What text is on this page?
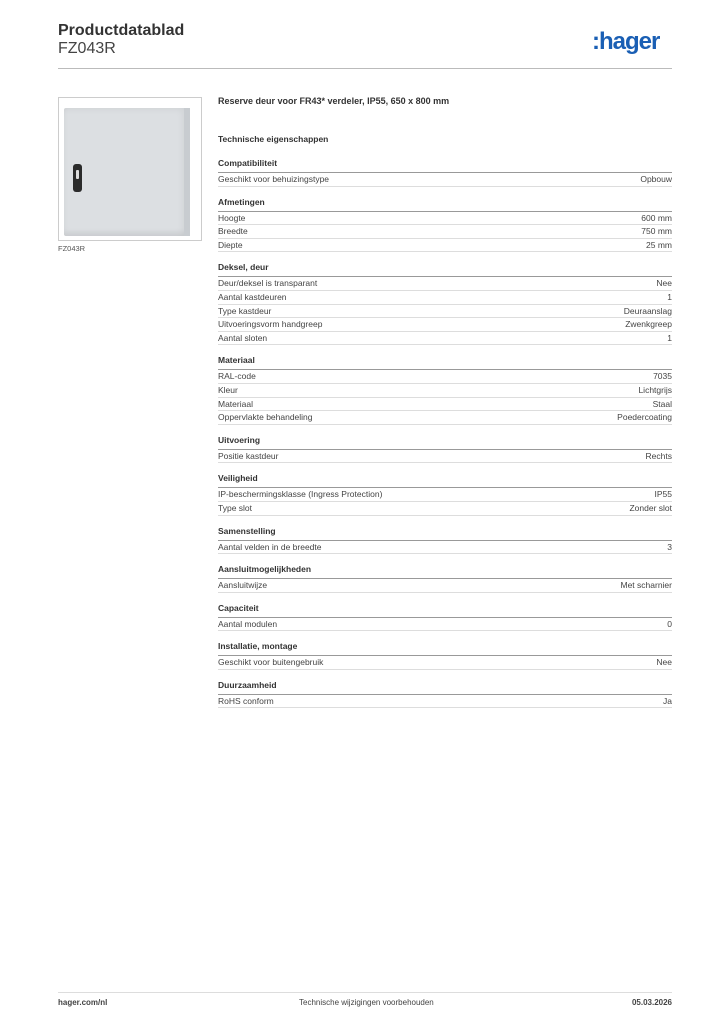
Productdatablad
FZ043R	:hager
FZ043R
Reserve deur voor FR43* verdeler, IP55, 650 x 800 mm
Technische eigenschappen
Compatibiliteit
Geschikt voor behuizingstype	Opbouw
Afmetingen
Hoogte	600 mm
Breedte	750 mm
Diepte	25 mm
Deksel, deur
Deur/deksel is transparant	Nee
Aantal kastdeuren	1
Type kastdeur	Deuraanslag
Uitvoeringsvorm handgreep	Zwenkgreep
Aantal sloten	1
Materiaal
RAL-code	7035
Kleur	Lichtgrijs
Materiaal	Staal
Oppervlakte behandeling	Poedercoating
Uitvoering
Positie kastdeur	Rechts
Veiligheid
IP-beschermingsklasse (Ingress Protection)	IP55
Type slot	Zonder slot
Samenstelling
Aantal velden in de breedte	3
Aansluitmogelijkheden
Aansluitwijze	Met scharnier
Capaciteit
Aantal modulen	0
Installatie, montage
Geschikt voor buitengebruik	Nee
Duurzaamheid
RoHS conform	Ja
hager.com/nl	Technische wijzigingen voorbehouden	05.03.2026
